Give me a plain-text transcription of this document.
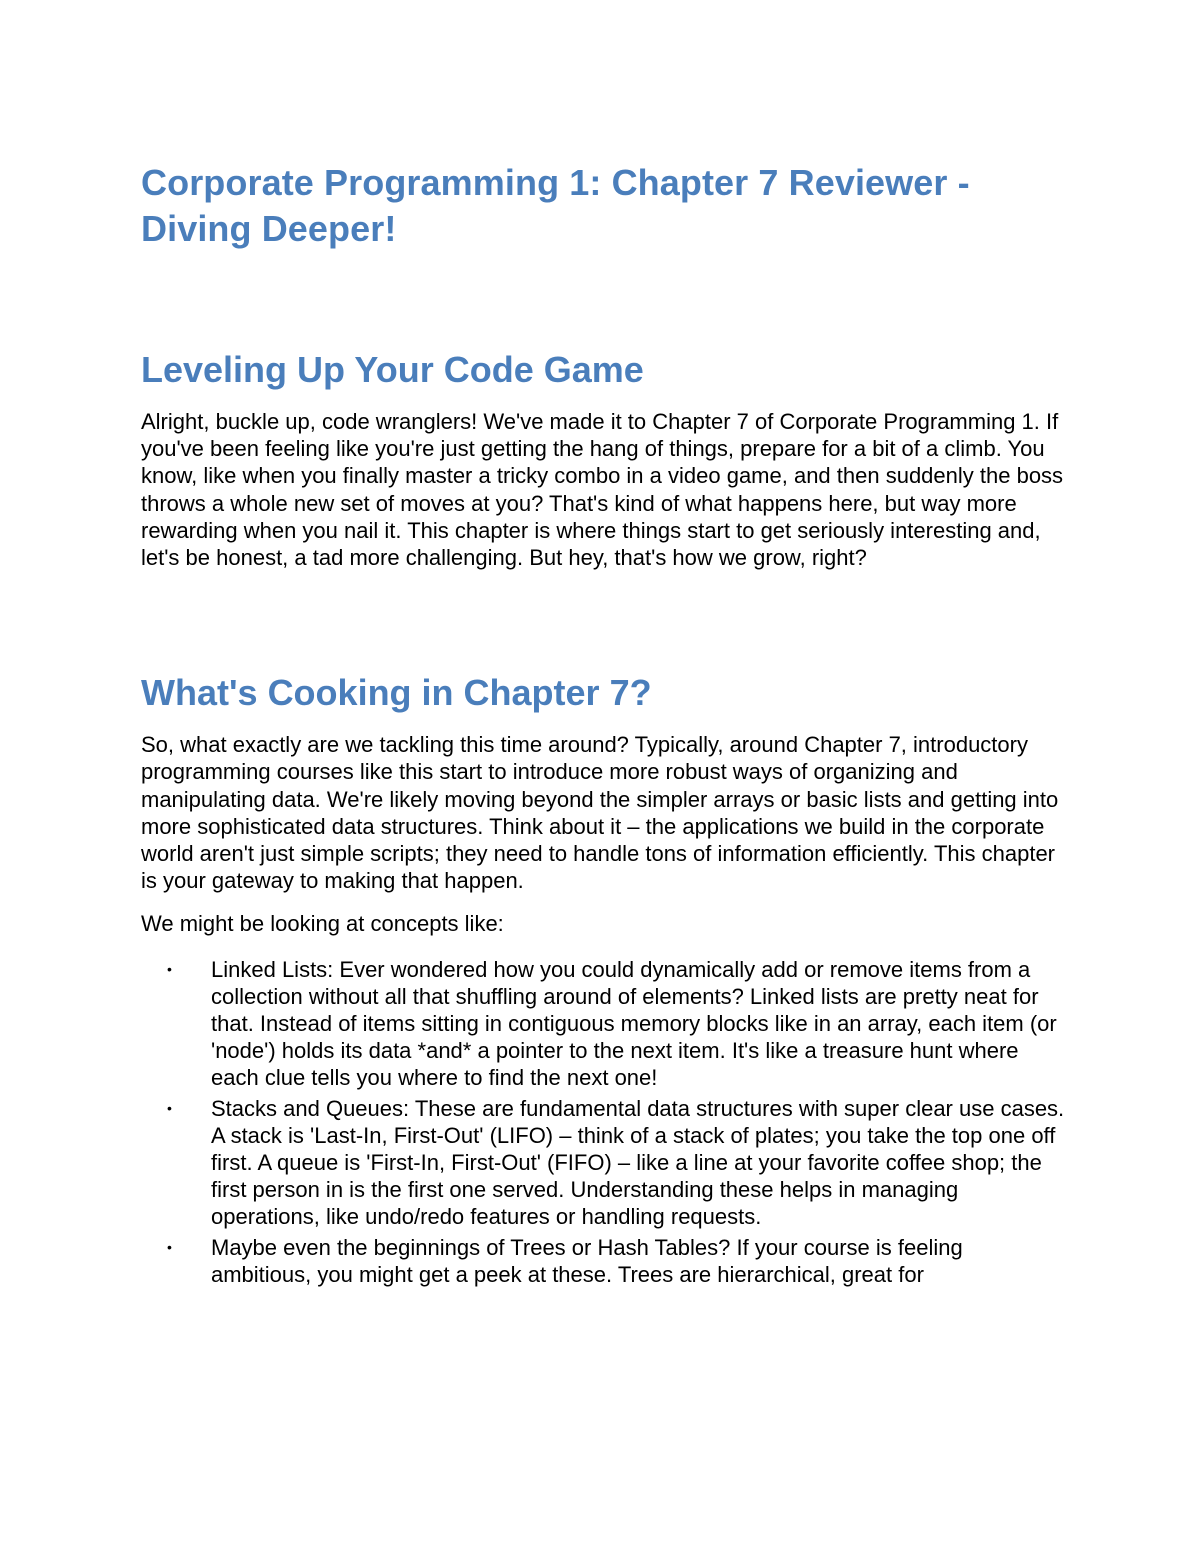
Corporate Programming 1: Chapter 7 Reviewer - Diving Deeper!
Leveling Up Your Code Game

Alright, buckle up, code wranglers! We've made it to Chapter 7 of Corporate Programming 1. If you've been feeling like you're just getting the hang of things, prepare for a bit of a climb. You know, like when you finally master a tricky combo in a video game, and then suddenly the boss throws a whole new set of moves at you? That's kind of what happens here, but way more rewarding when you nail it. This chapter is where things start to get seriously interesting and, let's be honest, a tad more challenging. But hey, that's how we grow, right?

What's Cooking in Chapter 7?

So, what exactly are we tackling this time around? Typically, around Chapter 7, introductory programming courses like this start to introduce more robust ways of organizing and manipulating data. We're likely moving beyond the simpler arrays or basic lists and getting into more sophisticated data structures. Think about it – the applications we build in the corporate world aren't just simple scripts; they need to handle tons of information efficiently. This chapter is your gateway to making that happen.

We might be looking at concepts like:

• Linked Lists: Ever wondered how you could dynamically add or remove items from a collection without all that shuffling around of elements? Linked lists are pretty neat for that. Instead of items sitting in contiguous memory blocks like in an array, each item (or 'node') holds its data *and* a pointer to the next item. It's like a treasure hunt where each clue tells you where to find the next one!
• Stacks and Queues: These are fundamental data structures with super clear use cases. A stack is 'Last-In, First-Out' (LIFO) – think of a stack of plates; you take the top one off first. A queue is 'First-In, First-Out' (FIFO) – like a line at your favorite coffee shop; the first person in is the first one served. Understanding these helps in managing operations, like undo/redo features or handling requests.
• Maybe even the beginnings of Trees or Hash Tables? If your course is feeling ambitious, you might get a peek at these. Trees are hierarchical, great for
